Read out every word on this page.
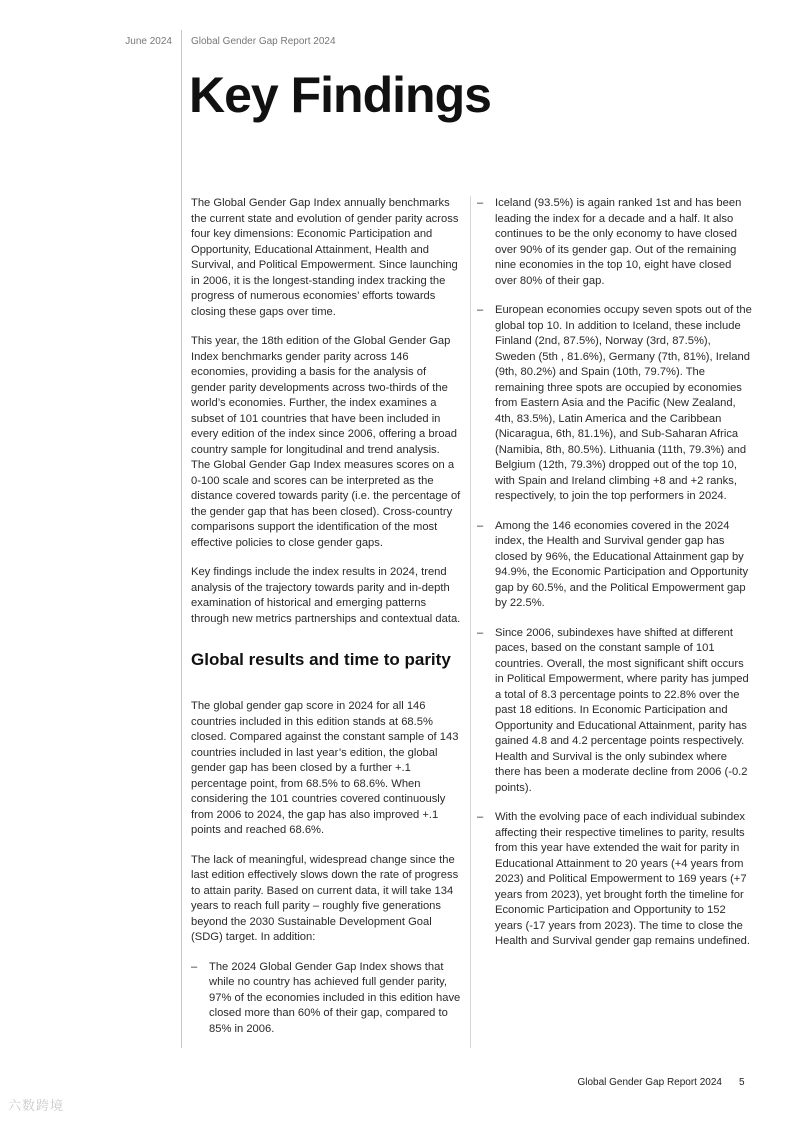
June 2024 Global Gender Gap Report 2024
Key Findings

The Global Gender Gap Index annually benchmarks the current state and evolution of gender parity across four key dimensions: Economic Participation and Opportunity, Educational Attainment, Health and Survival, and Political Empowerment. Since launching in 2006, it is the longest-standing index tracking the progress of numerous economies’ efforts towards closing these gaps over time.

This year, the 18th edition of the Global Gender Gap Index benchmarks gender parity across 146 economies, providing a basis for the analysis of gender parity developments across two-thirds of the world’s economies. Further, the index examines a subset of 101 countries that have been included in every edition of the index since 2006, offering a broad country sample for longitudinal and trend analysis. The Global Gender Gap Index measures scores on a 0-100 scale and scores can be interpreted as the distance covered towards parity (i.e. the percentage of the gender gap that has been closed). Cross-country comparisons support the identification of the most effective policies to close gender gaps.

Key findings include the index results in 2024, trend analysis of the trajectory towards parity and in-depth examination of historical and emerging patterns through new metrics partnerships and contextual data.

Global results and time to parity

The global gender gap score in 2024 for all 146 countries included in this edition stands at 68.5% closed. Compared against the constant sample of 143 countries included in last year’s edition, the global gender gap has been closed by a further +.1 percentage point, from 68.5% to 68.6%. When considering the 101 countries covered continuously from 2006 to 2024, the gap has also improved +.1 points and reached 68.6%.

The lack of meaningful, widespread change since the last edition effectively slows down the rate of progress to attain parity. Based on current data, it will take 134 years to reach full parity – roughly five generations beyond the 2030 Sustainable Development Goal (SDG) target. In addition:

– The 2024 Global Gender Gap Index shows that while no country has achieved full gender parity, 97% of the economies included in this edition have closed more than 60% of their gap, compared to 85% in 2006.
– Iceland (93.5%) is again ranked 1st and has been leading the index for a decade and a half. It also continues to be the only economy to have closed over 90% of its gender gap. Out of the remaining nine economies in the top 10, eight have closed over 80% of their gap.
– European economies occupy seven spots out of the global top 10. In addition to Iceland, these include Finland (2nd, 87.5%), Norway (3rd, 87.5%), Sweden (5th , 81.6%), Germany (7th, 81%), Ireland (9th, 80.2%) and Spain (10th, 79.7%). The remaining three spots are occupied by economies from Eastern Asia and the Pacific (New Zealand, 4th, 83.5%), Latin America and the Caribbean (Nicaragua, 6th, 81.1%), and Sub-Saharan Africa (Namibia, 8th, 80.5%). Lithuania (11th, 79.3%) and Belgium (12th, 79.3%) dropped out of the top 10, with Spain and Ireland climbing +8 and +2 ranks, respectively, to join the top performers in 2024.
– Among the 146 economies covered in the 2024 index, the Health and Survival gender gap has closed by 96%, the Educational Attainment gap by 94.9%, the Economic Participation and Opportunity gap by 60.5%, and the Political Empowerment gap by 22.5%.
– Since 2006, subindexes have shifted at different paces, based on the constant sample of 101 countries. Overall, the most significant shift occurs in Political Empowerment, where parity has jumped a total of 8.3 percentage points to 22.8% over the past 18 editions. In Economic Participation and Opportunity and Educational Attainment, parity has gained 4.8 and 4.2 percentage points respectively. Health and Survival is the only subindex where there has been a moderate decline from 2006 (-0.2 points).
– With the evolving pace of each individual subindex affecting their respective timelines to parity, results from this year have extended the wait for parity in Educational Attainment to 20 years (+4 years from 2023) and Political Empowerment to 169 years (+7 years from 2023), yet brought forth the timeline for Economic Participation and Opportunity to 152 years (-17 years from 2023). The time to close the Health and Survival gender gap remains undefined.
Global Gender Gap Report 2024 5
六数跨境
